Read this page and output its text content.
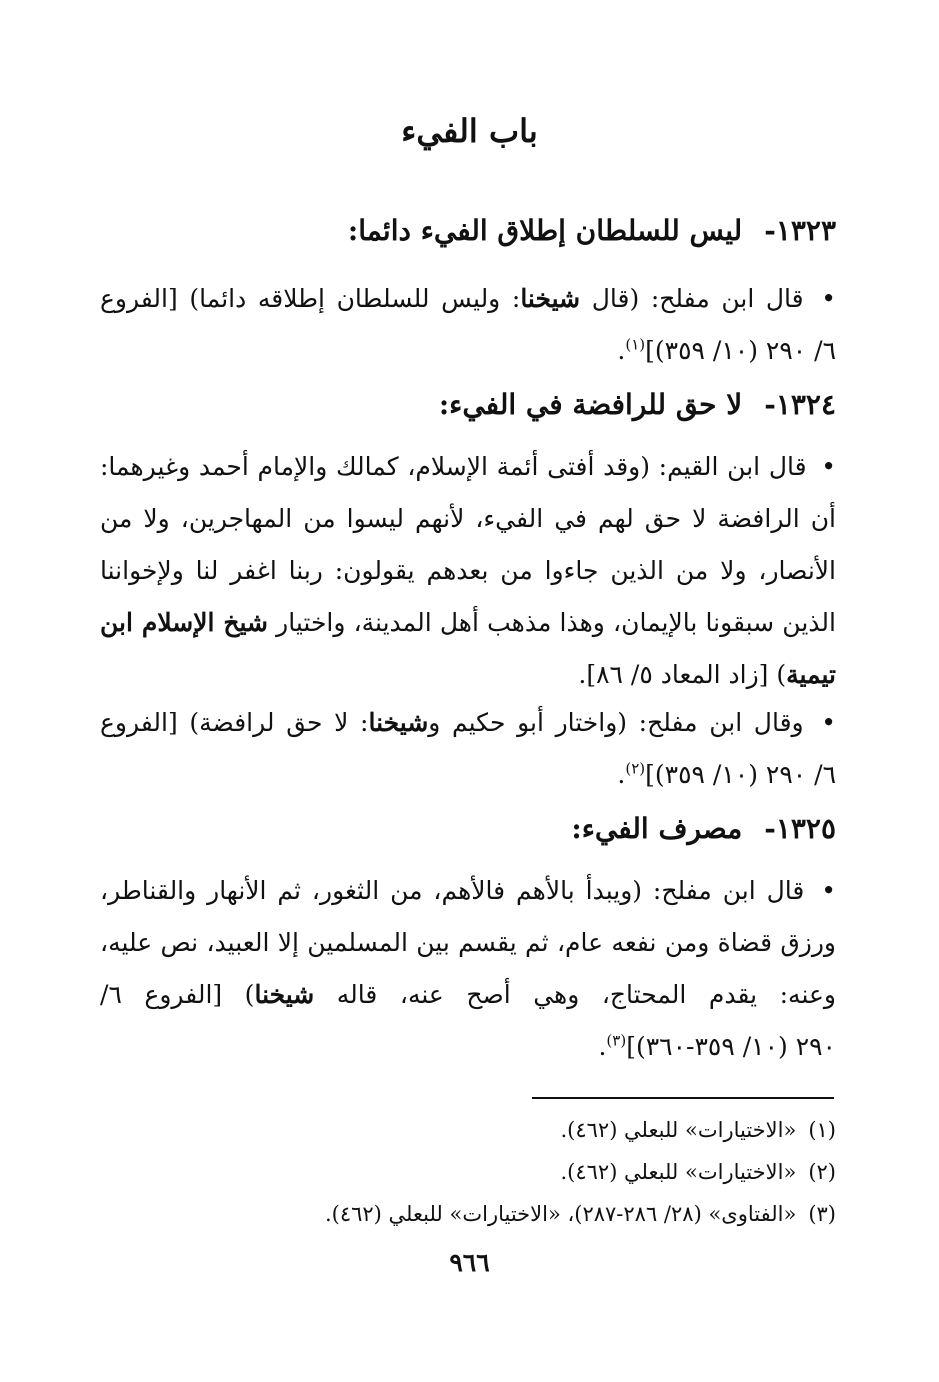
باب الفيء
١٣٢٣-ليس للسلطان إطلاق الفيء دائما:
• قال ابن مفلح: (قال شيخنا: وليس للسلطان إطلاقه دائما) [الفروع ٦/ ٢٩٠ (١٠/ ٣٥٩)]$^{(١)}$.
١٣٢٤-لا حق للرافضة في الفيء:
• قال ابن القيم: (وقد أفتى أئمة الإسلام، كمالك والإمام أحمد وغيرهما: أن الرافضة لا حق لهم في الفيء، لأنهم ليسوا من المهاجرين، ولا من الأنصار، ولا من الذين جاءوا من بعدهم يقولون: ربنا اغفر لنا ولإخواننا الذين سبقونا بالإيمان، وهذا مذهب أهل المدينة، واختيار شيخ الإسلام ابن تيمية) [زاد المعاد ٥/ ٨٦].
• وقال ابن مفلح: (واختار أبو حكيم وشيخنا: لا حق لرافضة) [الفروع ٦/ ٢٩٠ (١٠/ ٣٥٩)]$^{(٢)}$.
١٣٢٥-مصرف الفيء:
• قال ابن مفلح: (ويبدأ بالأهم فالأهم، من الثغور، ثم الأنهار والقناطر، ورزق قضاة ومن نفعه عام، ثم يقسم بين المسلمين إلا العبيد، نص عليه، وعنه: يقدم المحتاج، وهي أصح عنه، قاله شيخنا) [الفروع ٦/ ٢٩٠ (١٠/ ٣٥٩-٣٦٠)]$^{(٣)}$.
(١)«الاختيارات» للبعلي (٤٦٢).
(٢)«الاختيارات» للبعلي (٤٦٢).
(٣)«الفتاوى» (٢٨/ ٢٨٦-٢٨٧)، «الاختيارات» للبعلي (٤٦٢).
٩٦٦
